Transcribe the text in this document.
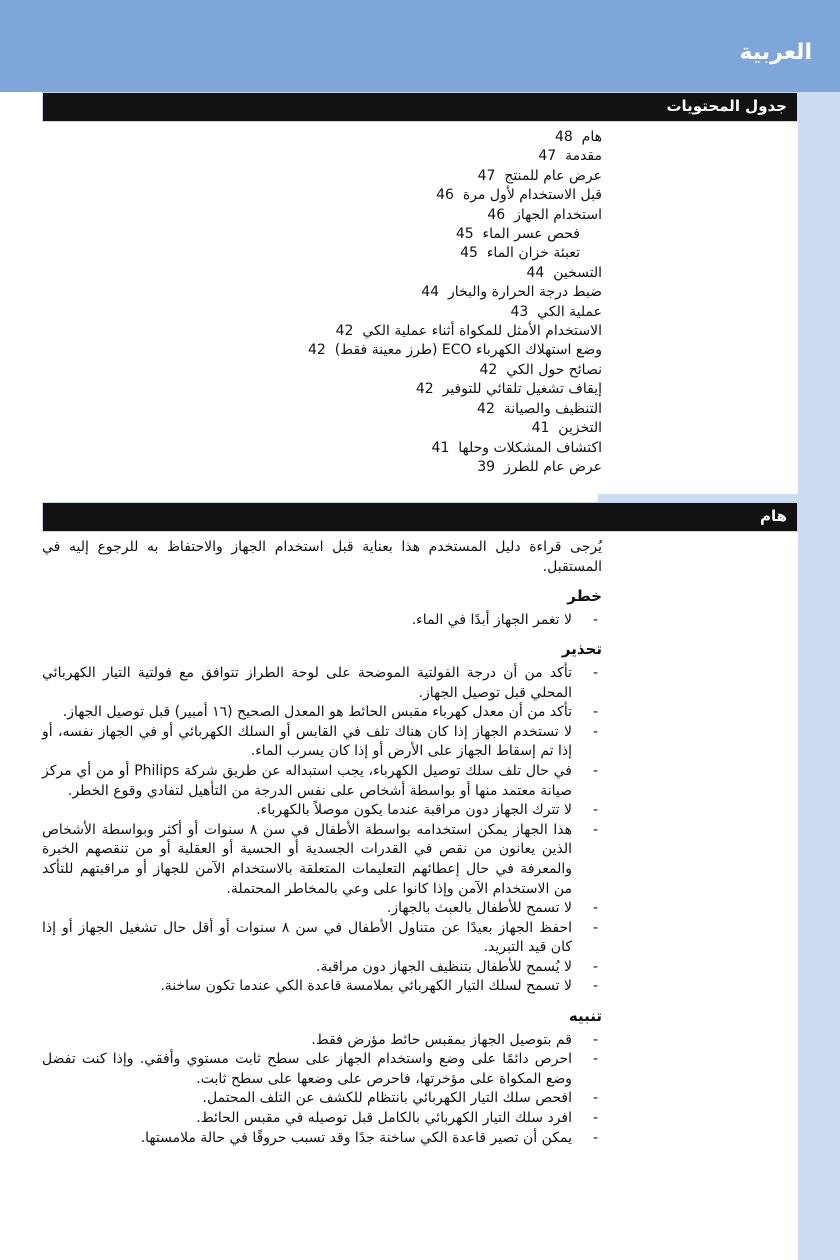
العربية
جدول المحتويات
هام  48
مقدمة  47
عرض عام للمنتج  47
قبل الاستخدام لأول مرة  46
استخدام الجهاز  46
فحص عسر الماء  45
تعبئة خزان الماء  45
التسخين  44
ضبط درجة الحرارة والبخار  44
عملية الكي  43
الاستخدام الأمثل للمكواة أثناء عملية الكي  42
وضع استهلاك الكهرباء ECO (طرز معينة فقط)  42
نصائح حول الكي  42
إيقاف تشغيل تلقائي للتوفير  42
التنظيف والصيانة  42
التخزين  41
اكتشاف المشكلات وحلها  41
عرض عام للطرز  39
هام
يُرجى قراءة دليل المستخدم هذا بعناية قبل استخدام الجهاز والاحتفاظ به للرجوع إليه في المستقبل.
خطر
-
لا تغمر الجهاز أبدًا في الماء.
تحذير
-
تأكد من أن درجة الفولتية الموضحة على لوحة الطراز تتوافق مع فولتية التيار الكهربائي المحلي قبل توصيل الجهاز.
-
تأكد من أن معدل كهرباء مقبس الحائط هو المعدل الصحيح (١٦ أمبير) قبل توصيل الجهاز.
-
لا تستخدم الجهاز إذا كان هناك تلف في القابس أو السلك الكهربائي أو في الجهاز نفسه، أو إذا تم إسقاط الجهاز على الأرض أو إذا كان يسرب الماء.
-
في حال تلف سلك توصيل الكهرباء، يجب استبداله عن طريق شركة Philips أو من أي مركز صيانة معتمد منها أو بواسطة أشخاص على نفس الدرجة من التأهيل لتفادي وقوع الخطر.
-
لا تترك الجهاز دون مراقبة عندما يكون موصلاً بالكهرباء.
-
هذا الجهاز يمكن استخدامه بواسطة الأطفال في سن ٨ سنوات أو أكثر وبواسطة الأشخاص الذين يعانون من نقص في القدرات الجسدية أو الحسية أو العقلية أو من تنقصهم الخبرة والمعرفة في حال إعطائهم التعليمات المتعلقة بالاستخدام الآمن للجهاز أو مراقبتهم للتأكد من الاستخدام الآمن وإذا كانوا على وعي بالمخاطر المحتملة.
-
لا تسمح للأطفال بالعبث بالجهاز.
-
احفظ الجهاز بعيدًا عن متناول الأطفال في سن ٨ سنوات أو أقل حال تشغيل الجهاز أو إذا كان قيد التبريد.
-
لا يُسمح للأطفال بتنظيف الجهاز دون مراقبة.
-
لا تسمح لسلك التيار الكهربائي بملامسة قاعدة الكي عندما تكون ساخنة.
تنبيه
-
قم بتوصيل الجهاز بمقبس حائط مؤرض فقط.
-
احرص دائمًا على وضع واستخدام الجهاز على سطح ثابت مستوي وأفقي. وإذا كنت تفضل وضع المكواة على مؤخرتها، فاحرص على وضعها على سطح ثابت.
-
افحص سلك التيار الكهربائي بانتظام للكشف عن التلف المحتمل.
-
افرد سلك التيار الكهربائي بالكامل قبل توصيله في مقبس الحائط.
-
يمكن أن تصير قاعدة الكي ساخنة جدًا وقد تسبب حروقًا في حالة ملامستها.
